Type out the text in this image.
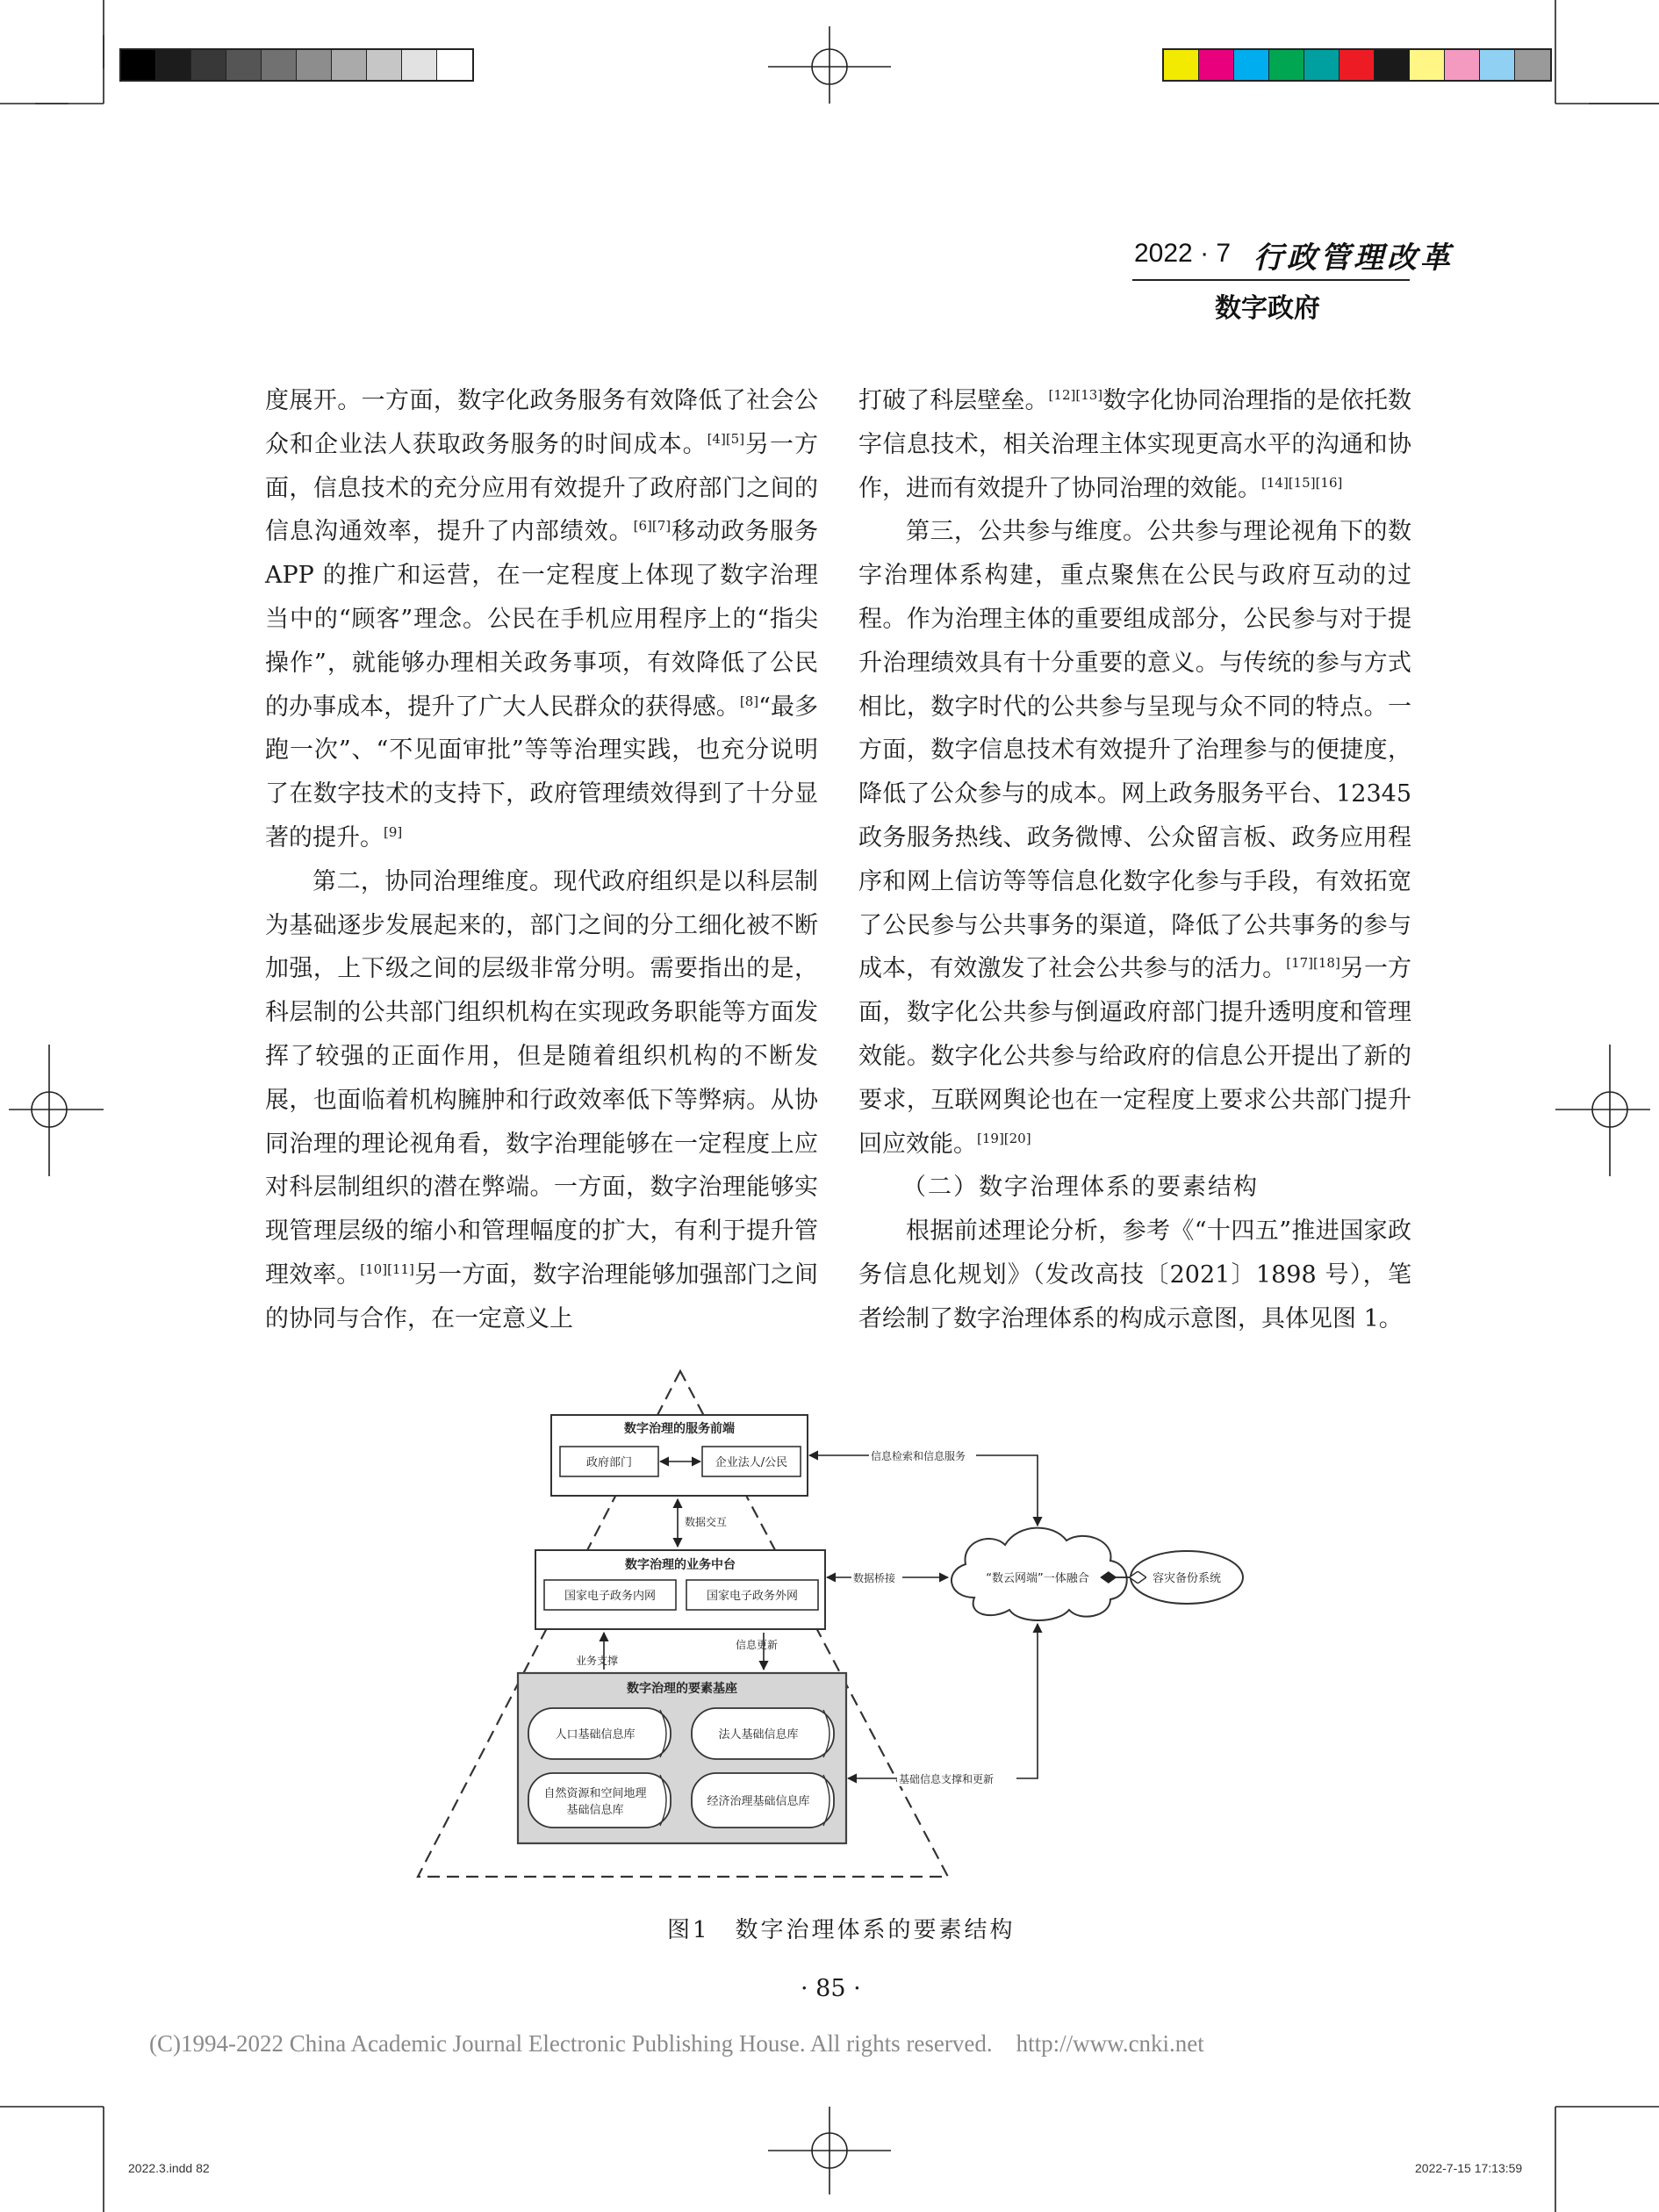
2022 · 7 行政管理改革
数字政府

度展开。一方面，数字化政务服务有效降低了社会公众和企业法人获取政务服务的时间成本。[4][5]另一方面，信息技术的充分应用有效提升了政府部门之间的信息沟通效率，提升了内部绩效。[6][7]移动政务服务 APP 的推广和运营，在一定程度上体现了数字治理当中的“顾客”理念。公民在手机应用程序上的“指尖操作”，就能够办理相关政务事项，有效降低了公民的办事成本，提升了广大人民群众的获得感。[8]“最多跑一次”、“不见面审批”等等治理实践，也充分说明了在数字技术的支持下，政府管理绩效得到了十分显著的提升。[9]

第二，协同治理维度。现代政府组织是以科层制为基础逐步发展起来的，部门之间的分工细化被不断加强，上下级之间的层级非常分明。需要指出的是，科层制的公共部门组织机构在实现政务职能等方面发挥了较强的正面作用，但是随着组织机构的不断发展，也面临着机构臃肿和行政效率低下等弊病。从协同治理的理论视角看，数字治理能够在一定程度上应对科层制组织的潜在弊端。一方面，数字治理能够实现管理层级的缩小和管理幅度的扩大，有利于提升管理效率。[10][11]另一方面，数字治理能够加强部门之间的协同与合作，在一定意义上

打破了科层壁垒。[12][13]数字化协同治理指的是依托数字信息技术，相关治理主体实现更高水平的沟通和协作，进而有效提升了协同治理的效能。[14][15][16]

第三，公共参与维度。公共参与理论视角下的数字治理体系构建，重点聚焦在公民与政府互动的过程。作为治理主体的重要组成部分，公民参与对于提升治理绩效具有十分重要的意义。与传统的参与方式相比，数字时代的公共参与呈现与众不同的特点。一方面，数字信息技术有效提升了治理参与的便捷度，降低了公众参与的成本。网上政务服务平台、12345 政务服务热线、政务微博、公众留言板、政务应用程序和网上信访等等信息化数字化参与手段，有效拓宽了公民参与公共事务的渠道，降低了公共事务的参与成本，有效激发了社会公共参与的活力。[17][18]另一方面，数字化公共参与倒逼政府部门提升透明度和管理效能。数字化公共参与给政府的信息公开提出了新的要求，互联网舆论也在一定程度上要求公共部门提升回应效能。[19][20]

（二）数字治理体系的要素结构

根据前述理论分析，参考《“十四五”推进国家政务信息化规划》（发改高技〔2021〕1898 号），笔者绘制了数字治理体系的构成示意图，具体见图 1。

数字治理的服务前端
政府部门	企业法人/公民
数据交互
数字治理的业务中台
国家电子政务内网	国家电子政务外网
业务支撑
信息更新
数字治理的要素基座
人口基础信息库	法人基础信息库
自然资源和空间地理
基础信息库
经济治理基础信息库
“数云网端”一体融合	容灾备份系统
信息检索和信息服务
数据桥接
基础信息支撑和更新
图1　数字治理体系的要素结构
· 85 ·
(C)1994-2022 China Academic Journal Electronic Publishing House. All rights reserved.　http://www.cnki.net
2022.3.indd 82	2022-7-15 17:13:59
